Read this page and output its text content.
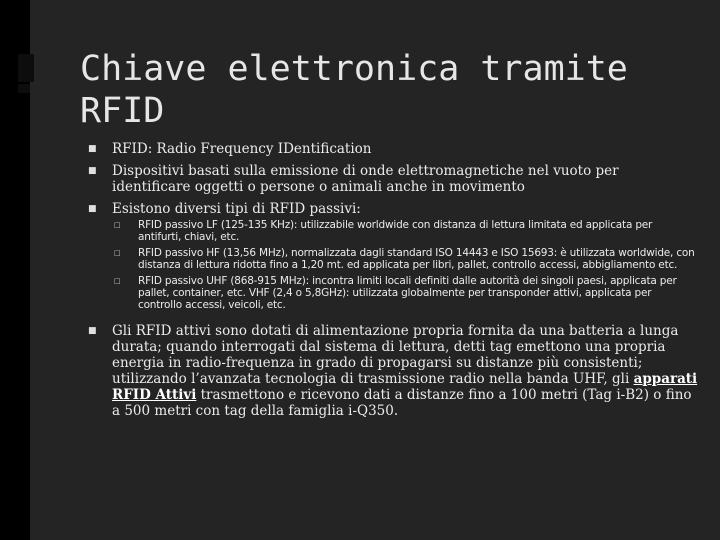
Chiave elettronica tramite RFID
■ RFID: Radio Frequency IDentification
■ Dispositivi basati sulla emissione di onde elettromagnetiche nel vuoto per identificare oggetti o persone o animali anche in movimento
■ Esistono diversi tipi di RFID passivi:
□ RFID passivo LF (125-135 KHz): utilizzabile worldwide con distanza di lettura limitata ed applicata per antifurti, chiavi, etc.
□ RFID passivo HF (13,56 MHz), normalizzata dagli standard ISO 14443 e ISO 15693: è utilizzata worldwide, con distanza di lettura ridotta fino a 1,20 mt. ed applicata per libri, pallet, controllo accessi, abbigliamento etc.
□ RFID passivo UHF (868-915 MHz): incontra limiti locali definiti dalle autorità dei singoli paesi, applicata per pallet, container, etc. VHF (2,4 o 5,8GHz): utilizzata globalmente per transponder attivi, applicata per controllo accessi, veicoli, etc.
■ Gli RFID attivi sono dotati di alimentazione propria fornita da una batteria a lunga durata; quando interrogati dal sistema di lettura, detti tag emettono una propria energia in radio-frequenza in grado di propagarsi su distanze più consistenti; utilizzando l’avanzata tecnologia di trasmissione radio nella banda UHF, gli apparati RFID Attivi trasmettono e ricevono dati a distanze fino a 100 metri (Tag i-B2) o fino a 500 metri con tag della famiglia i-Q350.
